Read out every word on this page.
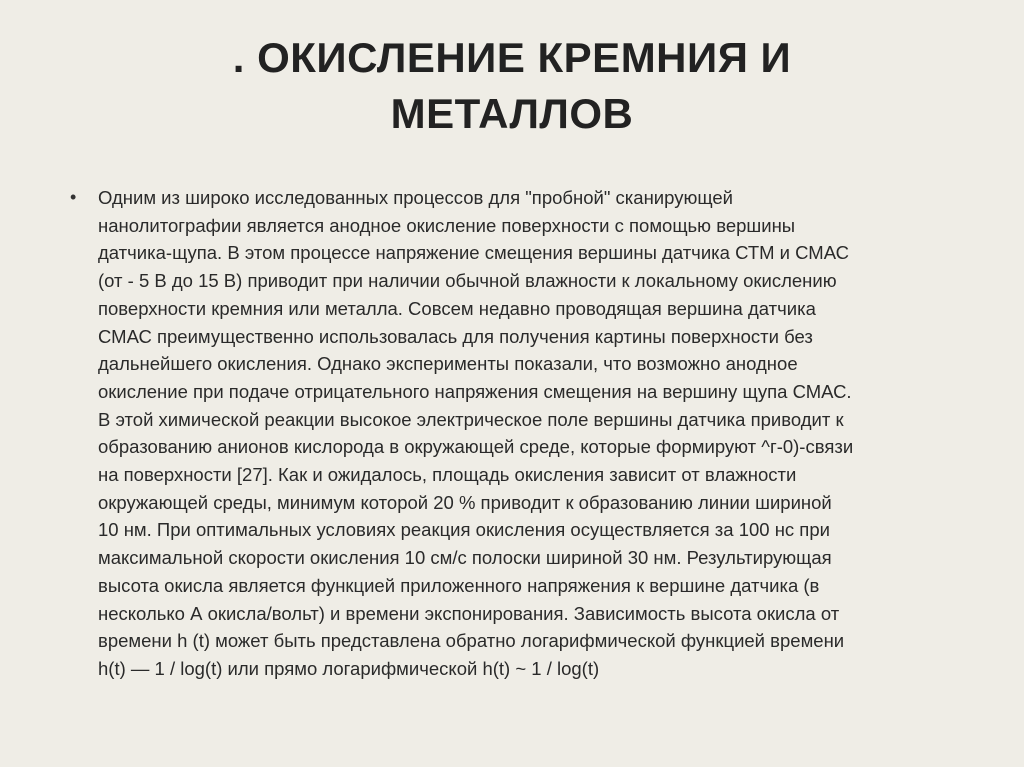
. ОКИСЛЕНИЕ КРЕМНИЯ И
МЕТАЛЛОВ
• Одним из широко исследованных процессов для "пробной" сканирующей
нанолитографии является анодное окисление поверхности с помощью вершины
датчика-щупа. В этом процессе напряжение смещения вершины датчика СТМ и СМАС
(от - 5 В до 15 В) приводит при наличии обычной влажности к локальному окислению
поверхности кремния или металла. Совсем недавно проводящая вершина датчика
СМАС преимущественно использовалась для получения картины поверхности без
дальнейшего окисления. Однако эксперименты показали, что возможно анодное
окисление при подаче отрицательного напряжения смещения на вершину щупа СМАС.
В этой химической реакции высокое электрическое поле вершины датчика приводит к
образованию анионов кислорода в окружающей среде, которые формируют ^г-0)-связи
на поверхности [27]. Как и ожидалось, площадь окисления зависит от влажности
окружающей среды, минимум которой 20 % приводит к образованию линии шириной
10 нм. При оптимальных условиях реакция окисления осуществляется за 100 нс при
максимальной скорости окисления 10 см/с полоски шириной 30 нм. Результирующая
высота окисла является функцией приложенного напряжения к вершине датчика (в
несколько А окисла/вольт) и времени экспонирования. Зависимость высота окисла от
времени h (t) может быть представлена обратно логарифмической функцией времени
h(t) — 1 / log(t) или прямо логарифмической h(t) ~ 1 / log(t)
